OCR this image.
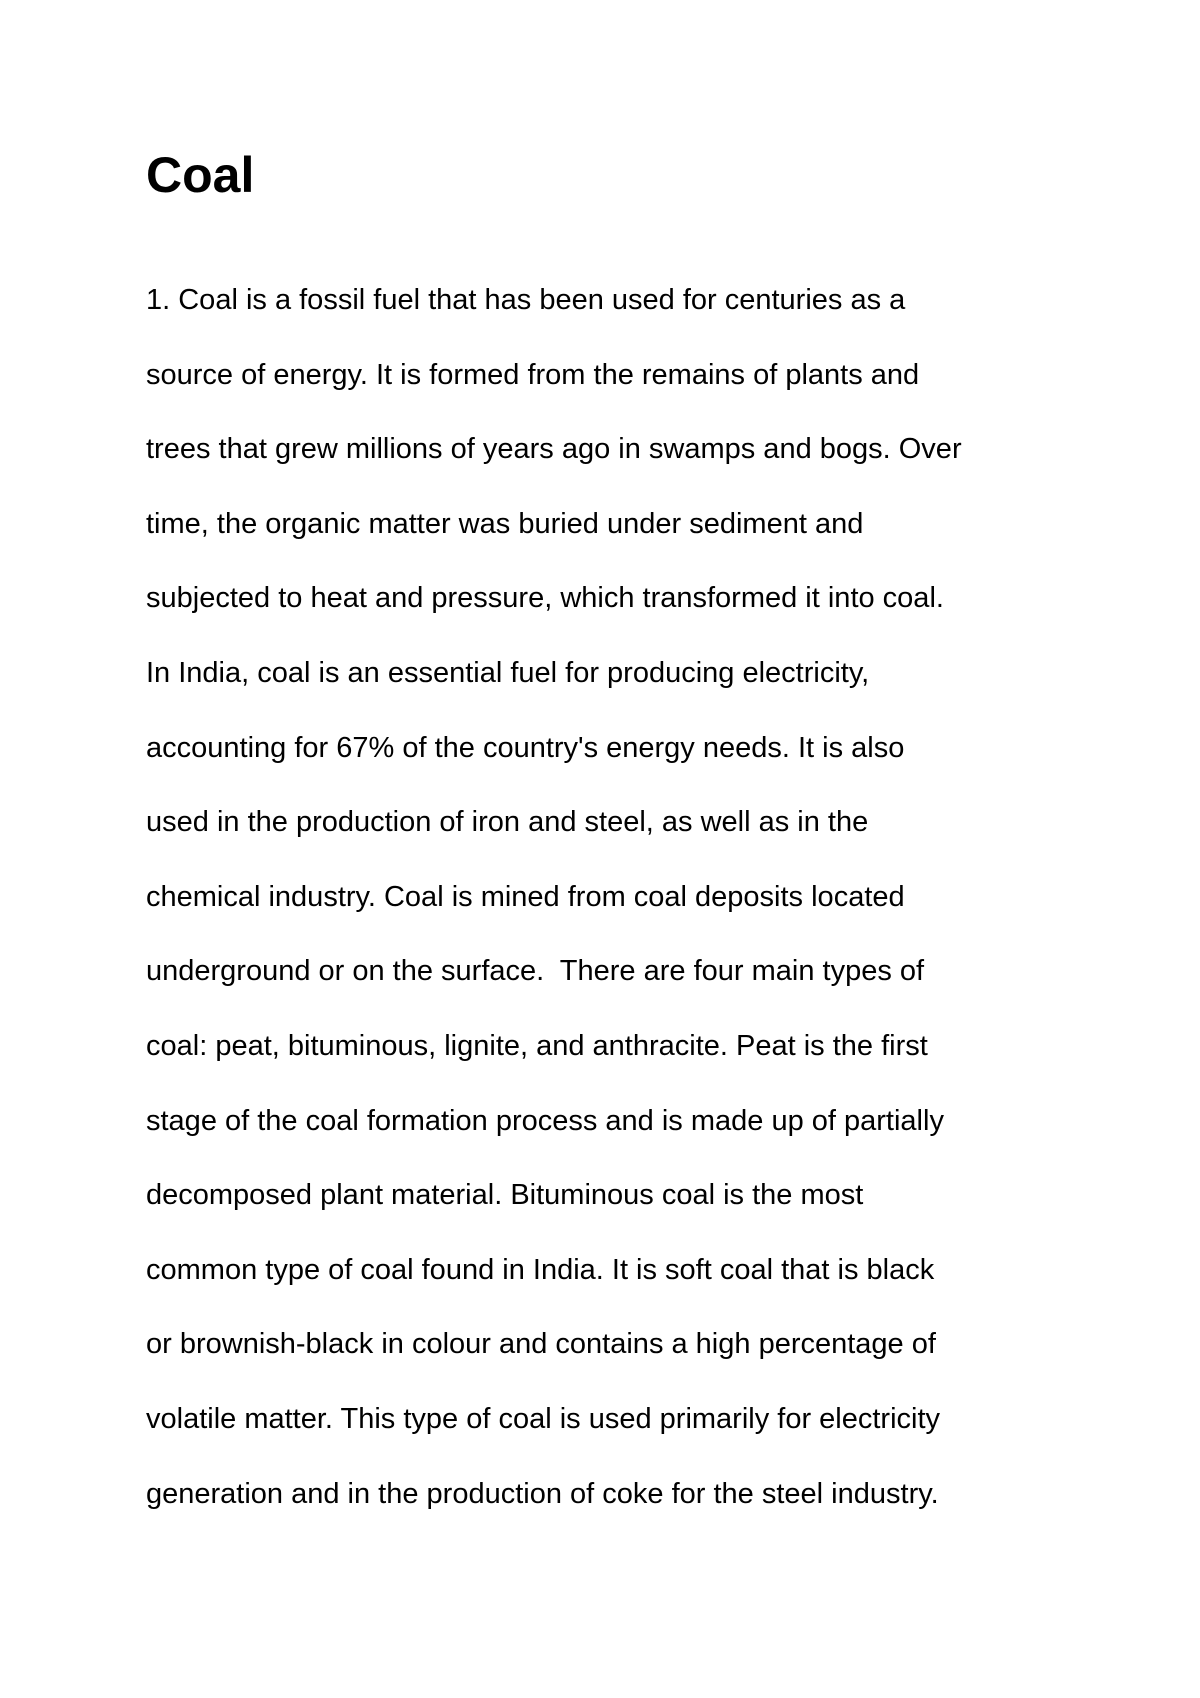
Coal
1. Coal is a fossil fuel that has been used for centuries as a
source of energy. It is formed from the remains of plants and
trees that grew millions of years ago in swamps and bogs. Over
time, the organic matter was buried under sediment and
subjected to heat and pressure, which transformed it into coal.
In India, coal is an essential fuel for producing electricity,
accounting for 67% of the country's energy needs. It is also
used in the production of iron and steel, as well as in the
chemical industry. Coal is mined from coal deposits located
underground or on the surface.  There are four main types of
coal: peat, bituminous, lignite, and anthracite. Peat is the first
stage of the coal formation process and is made up of partially
decomposed plant material. Bituminous coal is the most
common type of coal found in India. It is soft coal that is black
or brownish-black in colour and contains a high percentage of
volatile matter. This type of coal is used primarily for electricity
generation and in the production of coke for the steel industry.
